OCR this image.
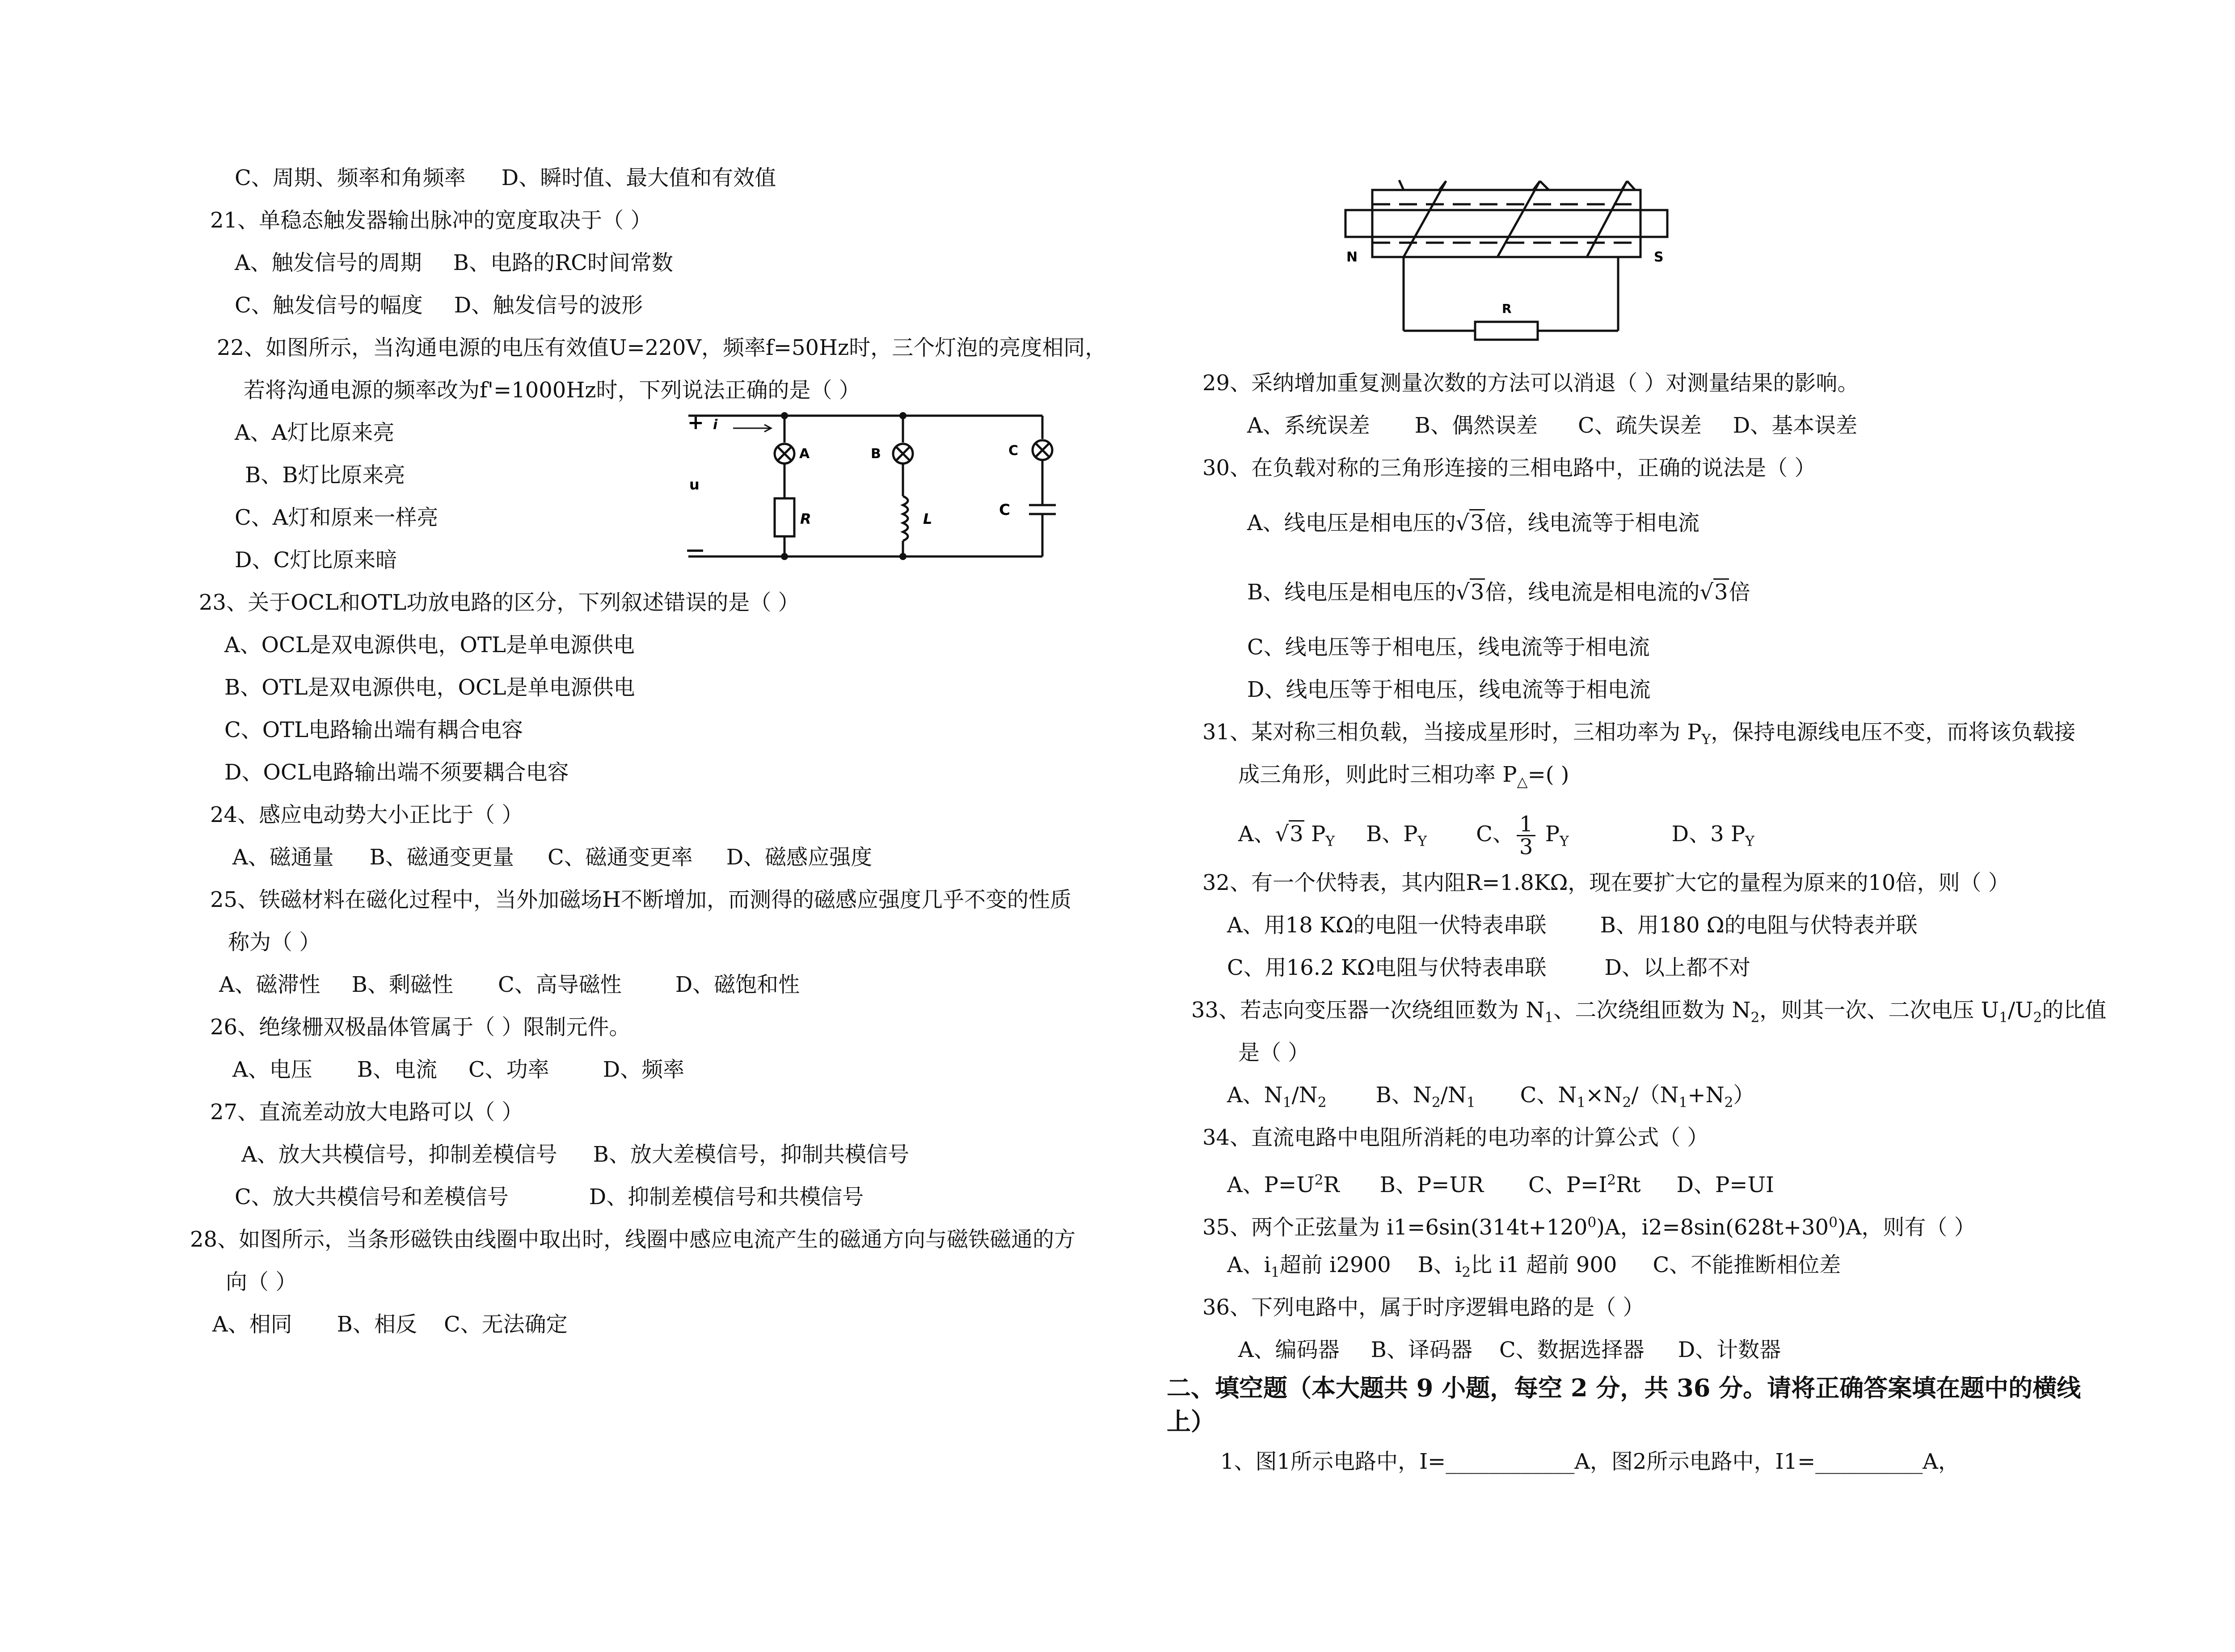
C、周期、频率和角频率 D、瞬时值、最大值和有效值
21、单稳态触发器输出脉冲的宽度取决于（ ）
A、触发信号的周期 B、电路的RC时间常数
C、触发信号的幅度 D、触发信号的波形
22、如图所示，当沟通电源的电压有效值U=220V，频率f=50Hz时，三个灯泡的亮度相同，
若将沟通电源的频率改为f'=1000Hz时，下列说法正确的是（ ）
A、A灯比原来亮
B、B灯比原来亮
C、A灯和原来一样亮
D、C灯比原来暗
+ i
u
—
A	B	C
R	L	C
23、关于OCL和OTL功放电路的区分，下列叙述错误的是（ ）
A、OCL是双电源供电，OTL是单电源供电
B、OTL是双电源供电，OCL是单电源供电
C、OTL电路输出端有耦合电容
D、OCL电路输出端不须要耦合电容
24、感应电动势大小正比于（ ）
A、磁通量 B、磁通变更量 C、磁通变更率 D、磁感应强度
25、铁磁材料在磁化过程中，当外加磁场H不断增加，而测得的磁感应强度几乎不变的性质
称为（ ）
A、磁滞性 B、剩磁性 C、高导磁性	D、磁饱和性
26、绝缘栅双极晶体管属于（ ）限制元件。
A、电压 B、电流 C、功率	D、频率
27、直流差动放大电路可以（ ）
A、放大共模信号，抑制差模信号 B、放大差模信号，抑制共模信号
C、放大共模信号和差模信号	D、抑制差模信号和共模信号
28、如图所示，当条形磁铁由线圈中取出时，线圈中感应电流产生的磁通方向与磁铁磁通的方
向（ ）
A、相同 B、相反 C、无法确定
N	S
R
29、采纳增加重复测量次数的方法可以消退（ ）对测量结果的影响。
A、系统误差 B、偶然误差 C、疏失误差 D、基本误差
30、在负载对称的三角形连接的三相电路中，正确的说法是（ ）
A、线电压是相电压的√3倍，线电流等于相电流
B、线电压是相电压的√3倍，线电流是相电流的√3倍
C、线电压等于相电压，线电流等于相电流
D、线电压等于相电压，线电流等于相电流
31、某对称三相负载，当接成星形时，三相功率为 $P_Y$，保持电源线电压不变，而将该负载接
成三角形，则此时三相功率 $P_\triangle=$( )
A、√3 $P_Y$ B、$P_Y$ C、 $\frac{1}{3} P_Y$	D、3 $P_Y$
32、有一个伏特表，其内阻R=1.8KΩ，现在要扩大它的量程为原来的10倍，则（ ）
A、用18 KΩ的电阻一伏特表串联	B、用180 Ω的电阻与伏特表并联
C、用16.2 KΩ电阻与伏特表串联	D、以上都不对
33、若志向变压器一次绕组匝数为 $N_1$、二次绕组匝数为 $N_2$，则其一次、二次电压 $U_1/U_2$的比值
是（ ）
A、$N_1/N_2$ B、$N_2/N_1$ C、$N_1\times N_2/(N_1+N_2)$
34、直流电路中电阻所消耗的电功率的计算公式（ ）
A、$P=U^2R$ B、P=UR C、$P=I^2Rt$ D、P=UI
35、两个正弦量为 $i1=6\sin(314t+120^0)A$，$i2=8\sin(628t+30^0)A$，则有（ ）
A、$i_1$超前 i2900 B、$i_2$比 i1 超前 900 C、不能推断相位差
36、下列电路中，属于时序逻辑电路的是（ ）
A、编码器 B、译码器 C、数据选择器 D、计数器
二、填空题（本大题共 9 小题，每空 2 分，共 36 分。请将正确答案填在题中的横线
上）
1、图1所示电路中，I=____________A，图2所示电路中，I1=__________A，
